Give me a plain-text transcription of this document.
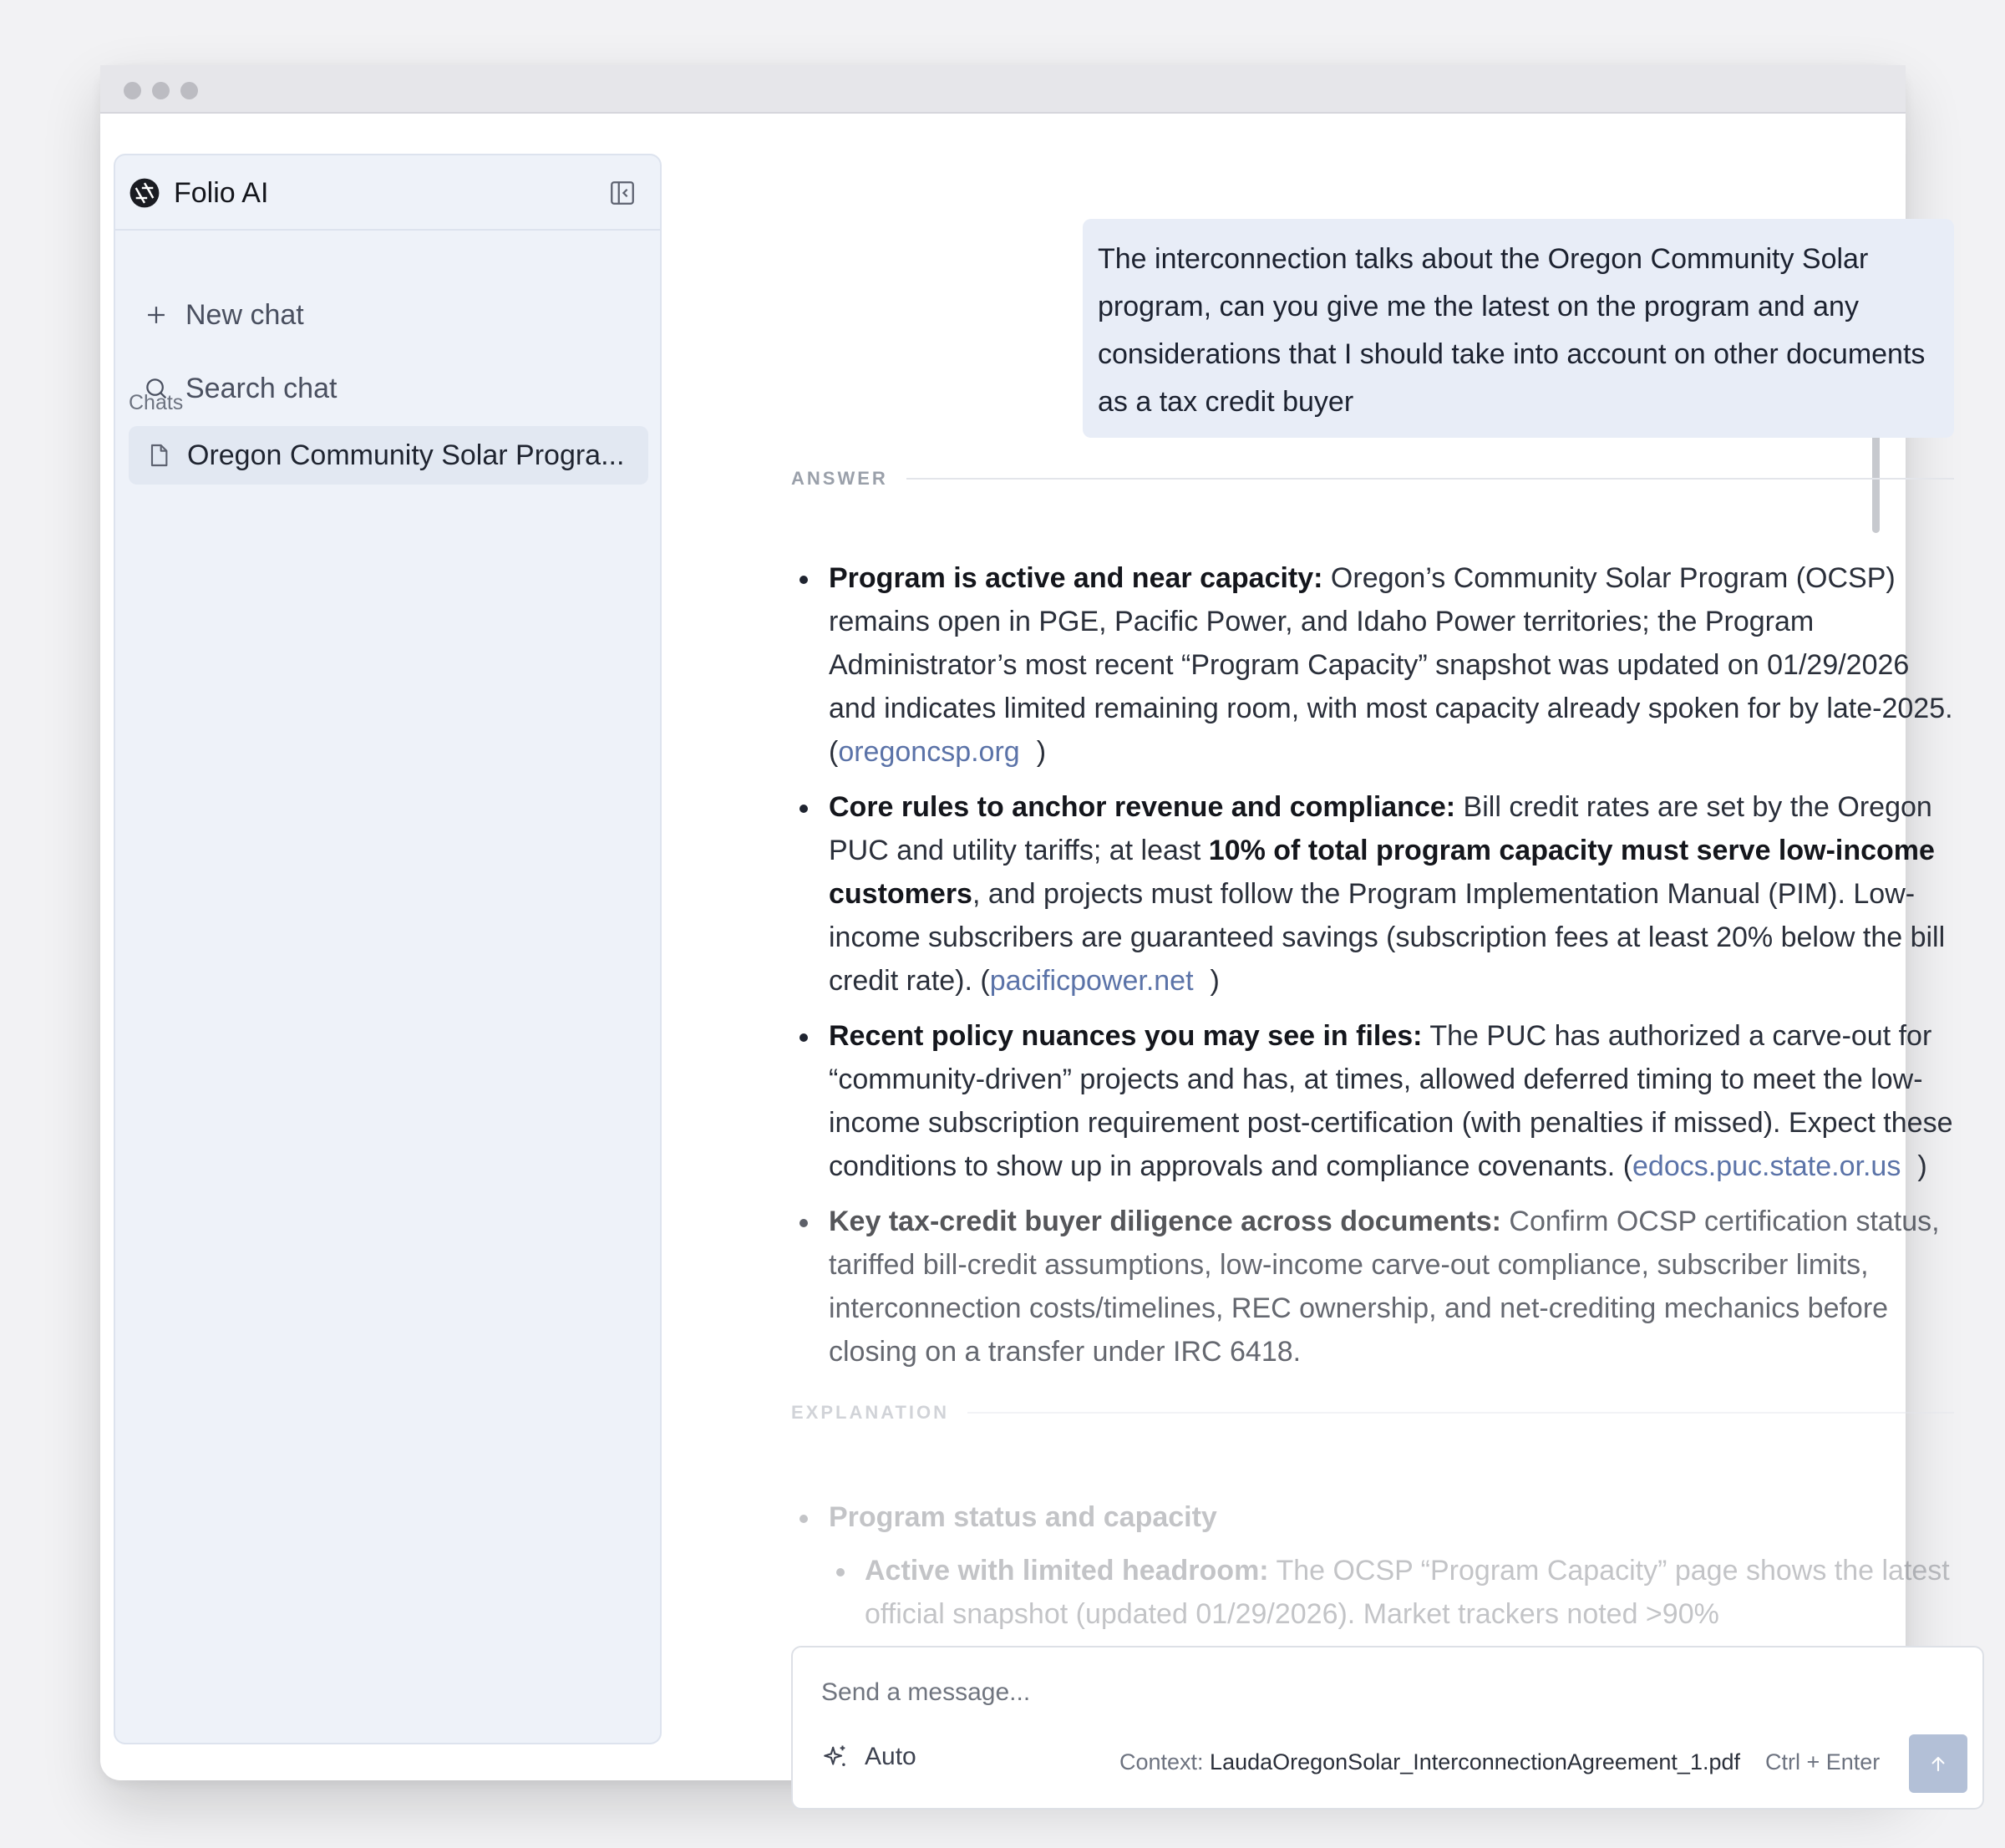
Folio AI
New chat
Search chat
Chats
Oregon Community Solar Progra...
The interconnection talks about the Oregon Community Solar program, can you give me the latest on the program and any considerations that I should take into account on other documents as a tax credit buyer
ANSWER
Program is active and near capacity: Oregon’s Community Solar Program (OCSP) remains open in PGE, Pacific Power, and Idaho Power territories; the Program Administrator’s most recent “Program Capacity” snapshot was updated on 01/29/2026 and indicates limited remaining room, with most capacity already spoken for by late-2025. (oregoncsp.org )
Core rules to anchor revenue and compliance: Bill credit rates are set by the Oregon PUC and utility tariffs; at least 10% of total program capacity must serve low-income customers, and projects must follow the Program Implementation Manual (PIM). Low-income subscribers are guaranteed savings (subscription fees at least 20% below the bill credit rate). (pacificpower.net )
Recent policy nuances you may see in files: The PUC has authorized a carve-out for “community-driven” projects and has, at times, allowed deferred timing to meet the low-income subscription requirement post-certification (with penalties if missed). Expect these conditions to show up in approvals and compliance covenants. (edocs.puc.state.or.us )
Key tax-credit buyer diligence across documents: Confirm OCSP certification status, tariffed bill-credit assumptions, low-income carve-out compliance, subscriber limits, interconnection costs/timelines, REC ownership, and net-crediting mechanics before closing on a transfer under IRC 6418.
EXPLANATION
Program status and capacity
Active with limited headroom: The OCSP “Program Capacity” page shows the latest official snapshot (updated 01/29/2026). Market trackers noted >90%
Send a message...
Auto	Context: LaudaOregonSolar_InterconnectionAgreement_1.pdf Ctrl + Enter
